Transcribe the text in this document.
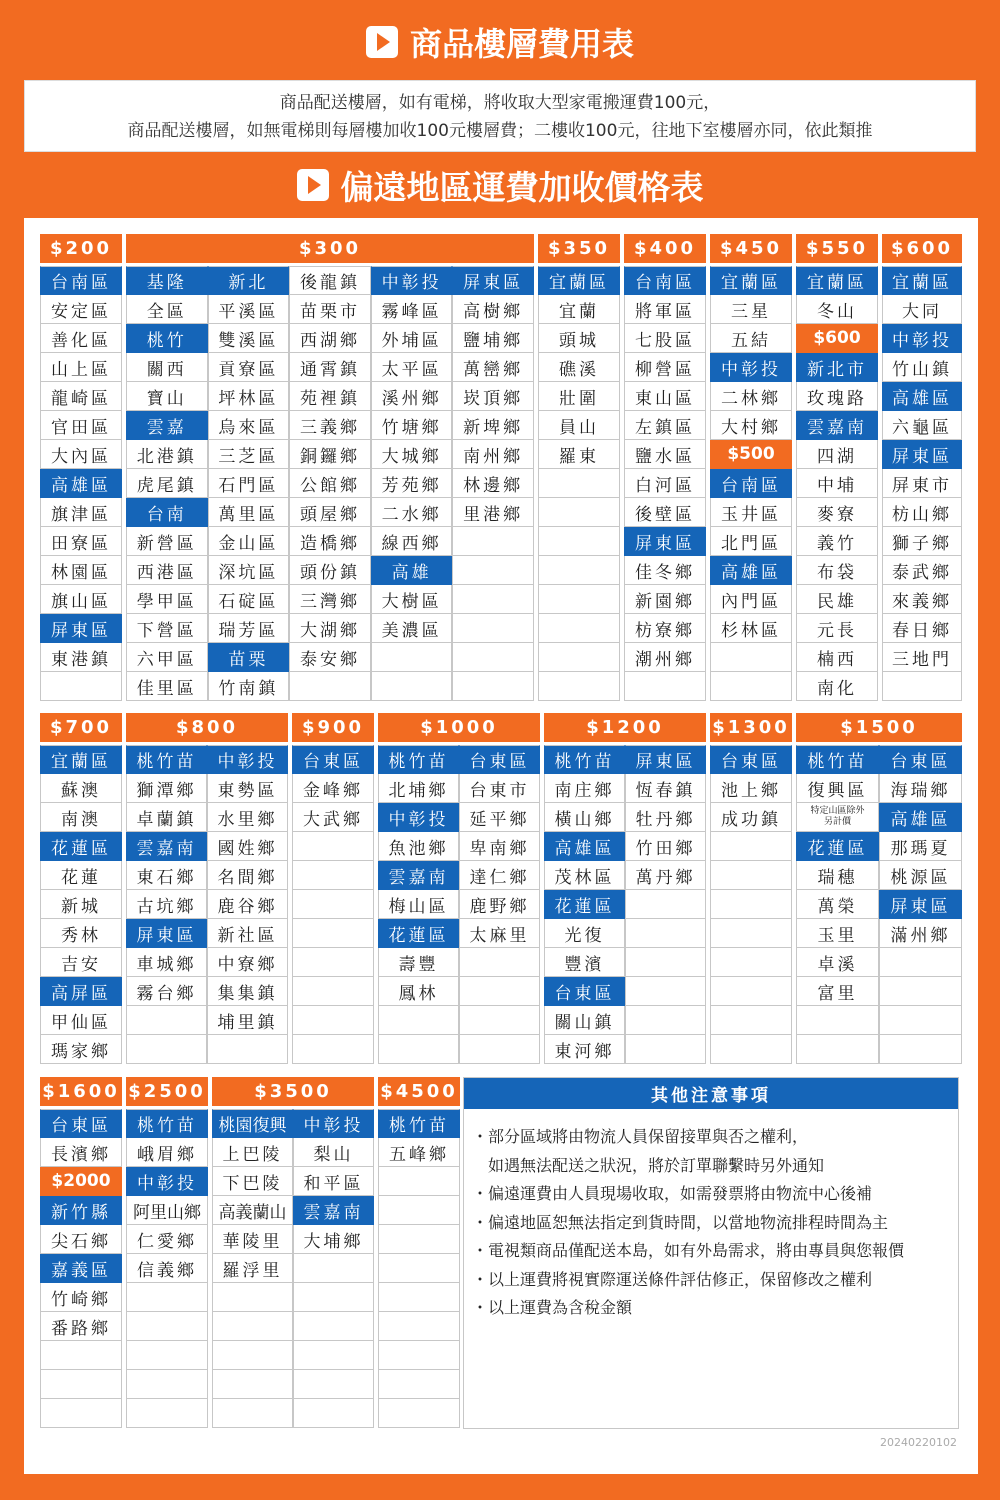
商品樓層費用表
商品配送樓層，如有電梯，將收取大型家電搬運費100元，
商品配送樓層，如無電梯則每層樓加收100元樓層費；二樓收100元，往地下室樓層亦同，依此類推
偏遠地區運費加收價格表
其他注意事項
・ 部分區域將由物流人員保留接單與否之權利，
如遇無法配送之狀況，將於訂單聯繫時另外通知
・ 偏遠運費由人員現場收取，如需發票將由物流中心後補
・ 偏遠地區恕無法指定到貨時間，以當地物流排程時間為主
・ 電視類商品僅配送本島，如有外島需求，將由專員與您報價
・ 以上運費將視實際運送條件評估修正，保留修改之權利
・ 以上運費為含稅金額
20240220102
$200
台南區
安定區
善化區
山上區
龍崎區
官田區
大內區
高雄區
旗津區
田寮區
林園區
旗山區
屏東區
東港鎮
$300
基隆
全區
桃竹
關西
寶山
雲嘉
北港鎮
虎尾鎮
台南
新營區
西港區
學甲區
下營區
六甲區
佳里區
新北
平溪區
雙溪區
貢寮區
坪林區
烏來區
三芝區
石門區
萬里區
金山區
深坑區
石碇區
瑞芳區
苗栗
竹南鎮
後龍鎮
苗栗市
西湖鄉
通霄鎮
苑裡鎮
三義鄉
銅鑼鄉
公館鄉
頭屋鄉
造橋鄉
頭份鎮
三灣鄉
大湖鄉
泰安鄉
中彰投
霧峰區
外埔區
太平區
溪州鄉
竹塘鄉
大城鄉
芳苑鄉
二水鄉
線西鄉
高雄
大樹區
美濃區
屏東區
高樹鄉
鹽埔鄉
萬巒鄉
崁頂鄉
新埤鄉
南州鄉
林邊鄉
里港鄉
$350
宜蘭區
宜蘭
頭城
礁溪
壯圍
員山
羅東
$400
台南區
將軍區
七股區
柳營區
東山區
左鎮區
鹽水區
白河區
後壁區
屏東區
佳冬鄉
新園鄉
枋寮鄉
潮州鄉
$450
宜蘭區
三星
五結
中彰投
二林鄉
大村鄉
$500
台南區
玉井區
北門區
高雄區
內門區
杉林區
$550
宜蘭區
冬山
$600
新北市
玫瑰路
雲嘉南
四湖
中埔
麥寮
義竹
布袋
民雄
元長
楠西
南化
$600
宜蘭區
大同
中彰投
竹山鎮
高雄區
六龜區
屏東區
屏東市
枋山鄉
獅子鄉
泰武鄉
來義鄉
春日鄉
三地門
$700
宜蘭區
蘇澳
南澳
花蓮區
花蓮
新城
秀林
吉安
高屏區
甲仙區
瑪家鄉
$800
桃竹苗
獅潭鄉
卓蘭鎮
雲嘉南
東石鄉
古坑鄉
屏東區
車城鄉
霧台鄉
中彰投
東勢區
水里鄉
國姓鄉
名間鄉
鹿谷鄉
新社區
中寮鄉
集集鎮
埔里鎮
$900
台東區
金峰鄉
大武鄉
$1000
桃竹苗
北埔鄉
中彰投
魚池鄉
雲嘉南
梅山區
花蓮區
壽豐
鳳林
台東區
台東市
延平鄉
卑南鄉
達仁鄉
鹿野鄉
太麻里
$1200
桃竹苗
南庄鄉
橫山鄉
高雄區
茂林區
花蓮區
光復
豐濱
台東區
關山鎮
東河鄉
屏東區
恆春鎮
牡丹鄉
竹田鄉
萬丹鄉
$1300
台東區
池上鄉
成功鎮
$1500
桃竹苗
復興區
特定山區除外
另計價
花蓮區
瑞穗
萬榮
玉里
卓溪
富里
台東區
海瑞鄉
高雄區
那瑪夏
桃源區
屏東區
滿州鄉
$1600
台東區
長濱鄉
$2000
新竹縣
尖石鄉
嘉義區
竹崎鄉
番路鄉
$2500
桃竹苗
峨眉鄉
中彰投
阿里山鄉
仁愛鄉
信義鄉
$3500
桃園復興
上巴陵
下巴陵
高義蘭山
華陵里
羅浮里
中彰投
梨山
和平區
雲嘉南
大埔鄉
$4500
桃竹苗
五峰鄉
